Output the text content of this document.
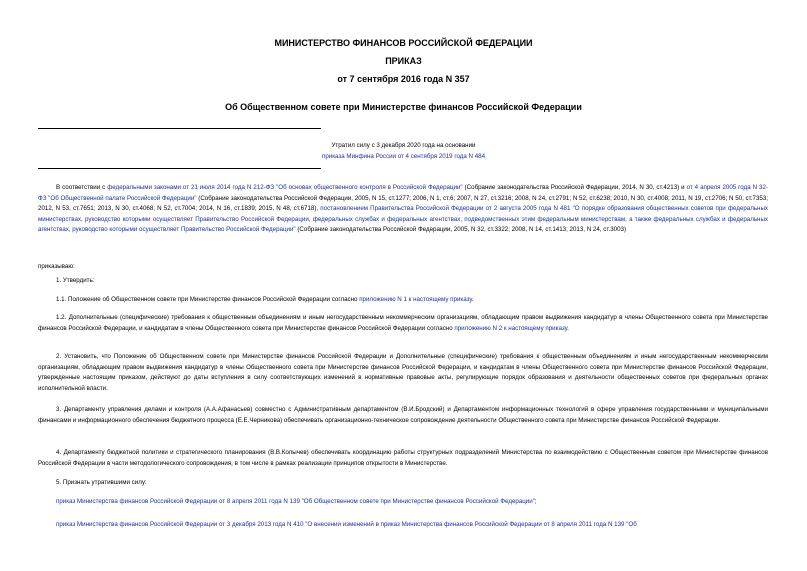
МИНИСТЕРСТВО ФИНАНСОВ РОССИЙСКОЙ ФЕДЕРАЦИИ
ПРИКАЗ
от 7 сентября 2016 года N 357
Об Общественном совете при Министерстве финансов Российской Федерации
Утратил силу с 3 декабря 2020 года на основании
приказа Минфина России от 4 сентября 2019 года N 484
В соответствии с федеральными законами от 21 июля 2014 года N 212-ФЗ "Об основах общественного контроля в Российской Федерации" (Собрание законодательства Российской Федерации, 2014, N 30, ст.4213) и от 4 апреля 2005 года N 32-ФЗ "Об Общественной палате Российской Федерации" (Собрание законодательства Российской Федерации, 2005, N 15, ст.1277; 2006, N 1, ст.6; 2007, N 27, ст.3216; 2008, N 24, ст.2791; N 52, ст.6238; 2010, N 30, ст.4008; 2011, N 19, ст.2706; N 50, ст.7353; 2012, N 53, ст.7651; 2013, N 30, ст.4068; N 52, ст.7004; 2014, N 16, ст.1839; 2015, N 48, ст.6718), постановлением Правительства Российской Федерации от 2 августа 2005 года N 481 "О порядке образования общественных советов при федеральных министерствах, руководство которыми осуществляет Правительство Российской Федерации, федеральных службах и федеральных агентствах, подведомственных этим федеральным министерствам, а также федеральных службах и федеральных агентствах, руководство которыми осуществляет Правительство Российской Федерации" (Собрание законодательства Российской Федерации, 2005, N 32, ст.3322; 2008, N 14, ст.1413; 2013, N 24, ст.3003)
приказываю:
1. Утвердить:
1.1. Положение об Общественном совете при Министерстве финансов Российской Федерации согласно приложению N 1 к настоящему приказу.
1.2. Дополнительные (специфические) требования к общественным объединениям и иным негосударственным некоммерческим организациям, обладающим правом выдвижения кандидатур в члены Общественного совета при Министерстве финансов Российской Федерации, и кандидатам в члены Общественного совета при Министерстве финансов Российской Федерации согласно приложению N 2 к настоящему приказу.
2. Установить, что Положение об Общественном совете при Министерстве финансов Российской Федерации и Дополнительные (специфические) требования к общественным объединениям и иным негосударственным некоммерческим организациям, обладающим правом выдвижения кандидатур в члены Общественного совета при Министерстве финансов Российской Федерации, и кандидатам в члены Общественного совета при Министерстве финансов Российской Федерации, утвержденные настоящим приказом, действуют до даты вступления в силу соответствующих изменений в нормативные правовые акты, регулирующие порядок образования и деятельности общественных советов при федеральных органах исполнительной власти.
3. Департаменту управления делами и контроля (А.А.Афанасьев) совместно с Административным департаментом (В.И.Бродский) и Департаментом информационных технологий в сфере управления государственными и муниципальными финансами и информационного обеспечения бюджетного процесса (Е.Е.Черникова) обеспечивать организационно-техническое сопровождение деятельности Общественного совета при Министерстве финансов Российской Федерации.
4. Департаменту бюджетной политики и стратегического планирования (В.В.Колычев) обеспечивать координацию работы структурных подразделений Министерства по взаимодействию с Общественным советом при Министерстве финансов Российской Федерации в части методологического сопровождения, в том числе в рамках реализации принципов открытости в Министерстве.
5. Признать утратившими силу:
приказ Министерства финансов Российской Федерации от 8 апреля 2011 года N 139 "Об Общественном совете при Министерстве финансов Российской Федерации";
приказ Министерства финансов Российской Федерации от 3 декабря 2013 года N 410 "О внесении изменений в приказ Министерства финансов Российской Федерации от 8 апреля 2011 года N 139 "Об
